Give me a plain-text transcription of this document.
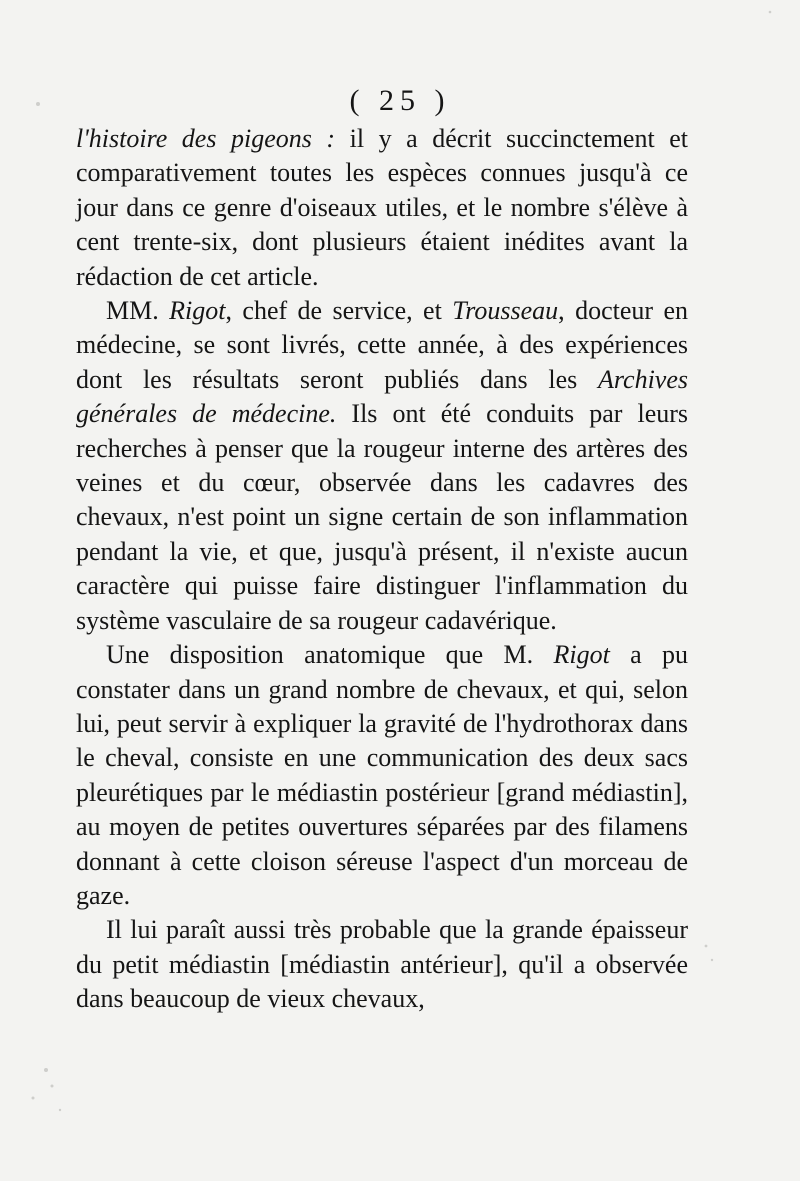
( 25 )

l'histoire des pigeons : il y a décrit succinctement et comparativement toutes les espèces connues jusqu'à ce jour dans ce genre d'oiseaux utiles, et le nombre s'élève à cent trente-six, dont plusieurs étaient inédites avant la rédaction de cet article.

MM. Rigot, chef de service, et Trousseau, docteur en médecine, se sont livrés, cette année, à des expériences dont les résultats seront publiés dans les Archives générales de médecine. Ils ont été conduits par leurs recherches à penser que la rougeur interne des artères des veines et du cœur, observée dans les cadavres des chevaux, n'est point un signe certain de son inflammation pendant la vie, et que, jusqu'à présent, il n'existe aucun caractère qui puisse faire distinguer l'inflammation du système vasculaire de sa rougeur cadavérique.

Une disposition anatomique que M. Rigot a pu constater dans un grand nombre de chevaux, et qui, selon lui, peut servir à expliquer la gravité de l'hydrothorax dans le cheval, consiste en une communication des deux sacs pleurétiques par le médiastin postérieur [grand médiastin], au moyen de petites ouvertures séparées par des filamens donnant à cette cloison séreuse l'aspect d'un morceau de gaze.

Il lui paraît aussi très probable que la grande épaisseur du petit médiastin [médiastin antérieur], qu'il a observée dans beaucoup de vieux chevaux,
